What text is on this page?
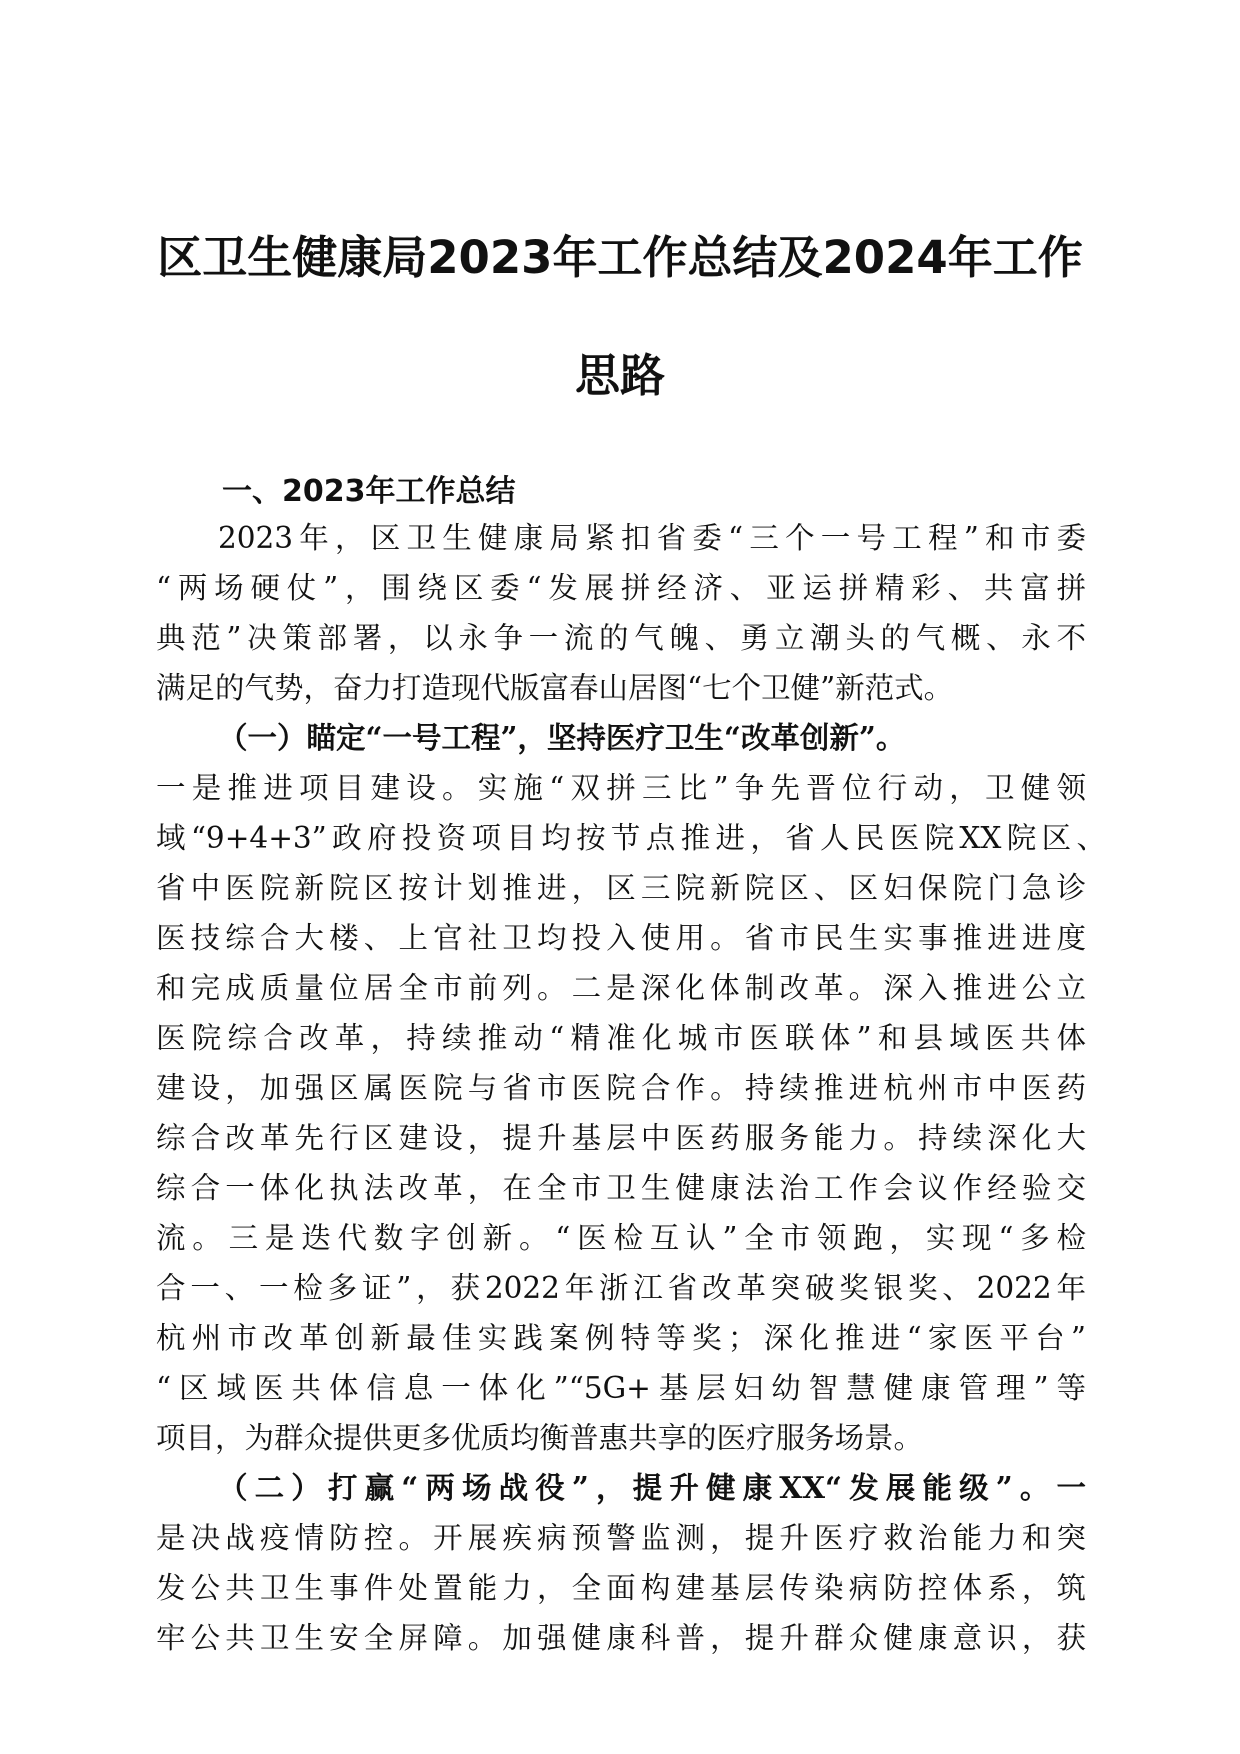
区卫生健康局2023年工作总结及2024年工作
思路
一、2023年工作总结

2023年，区卫生健康局紧扣省委“三个一号工程”和市委

“两场硬仗”，围绕区委“发展拼经济、亚运拼精彩、共富拼

典范”决策部署，以永争一流的气魄、勇立潮头的气概、永不

满足的气势，奋力打造现代版富春山居图“七个卫健”新范式。

（一）瞄定“一号工程”，坚持医疗卫生“改革创新”。

一是推进项目建设。实施“双拼三比”争先晋位行动，卫健领

域“9+4+3”政府投资项目均按节点推进，省人民医院XX院区、

省中医院新院区按计划推进，区三院新院区、区妇保院门急诊

医技综合大楼、上官社卫均投入使用。省市民生实事推进进度

和完成质量位居全市前列。二是深化体制改革。深入推进公立

医院综合改革，持续推动“精准化城市医联体”和县域医共体

建设，加强区属医院与省市医院合作。持续推进杭州市中医药

综合改革先行区建设，提升基层中医药服务能力。持续深化大

综合一体化执法改革，在全市卫生健康法治工作会议作经验交

流。三是迭代数字创新。“医检互认”全市领跑，实现“多检

合一、一检多证”，获2022年浙江省改革突破奖银奖、2022年

杭州市改革创新最佳实践案例特等奖；深化推进“家医平台”

“区域医共体信息一体化”“5G+基层妇幼智慧健康管理”等

项目，为群众提供更多优质均衡普惠共享的医疗服务场景。

（二）打赢“两场战役”，提升健康XX“发展能级”。一

是决战疫情防控。开展疾病预警监测，提升医疗救治能力和突

发公共卫生事件处置能力，全面构建基层传染病防控体系，筑

牢公共卫生安全屏障。加强健康科普，提升群众健康意识，获
